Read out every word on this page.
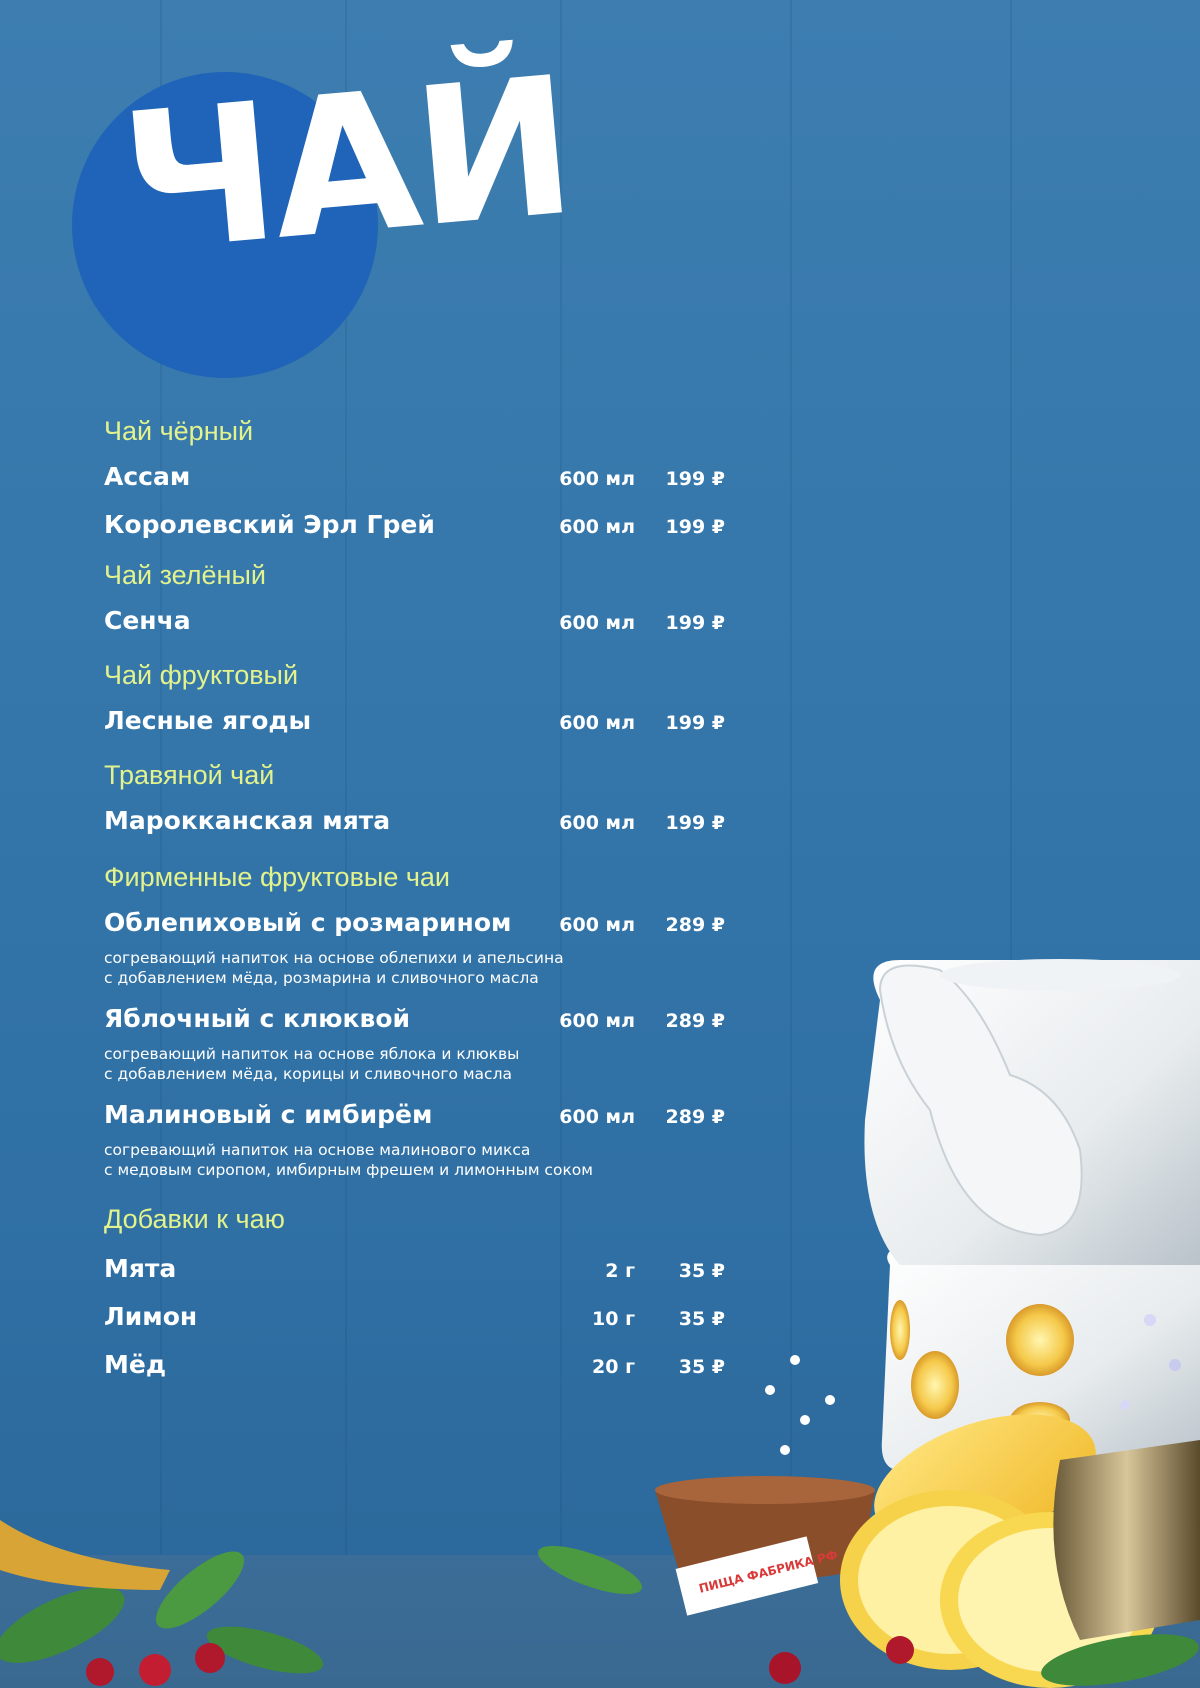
ЧАЙ
Чай чёрный
Ассам	600 мл	199 ₽
Королевский Эрл Грей	600 мл	199 ₽
Чай зелёный
Сенча	600 мл	199 ₽
Чай фруктовый
Лесные ягоды	600 мл	199 ₽
Травяной чай
Марокканская мята	600 мл	199 ₽
Фирменные фруктовые чаи
Облепиховый с розмарином	600 мл	289 ₽
согревающий напиток на основе облепихи и апельсина
с добавлением мёда, розмарина и сливочного масла
Яблочный с клюквой	600 мл	289 ₽
согревающий напиток на основе яблока и клюквы
с добавлением мёда, корицы и сливочного масла
Малиновый с имбирём	600 мл	289 ₽
согревающий напиток на основе малинового микса
с медовым сиропом, имбирным фрешем и лимонным соком
Добавки к чаю
Мята	2 г	35 ₽
Лимон	10 г	35 ₽
Мёд	20 г	35 ₽
ПИЩА ФАБРИКА РФ
